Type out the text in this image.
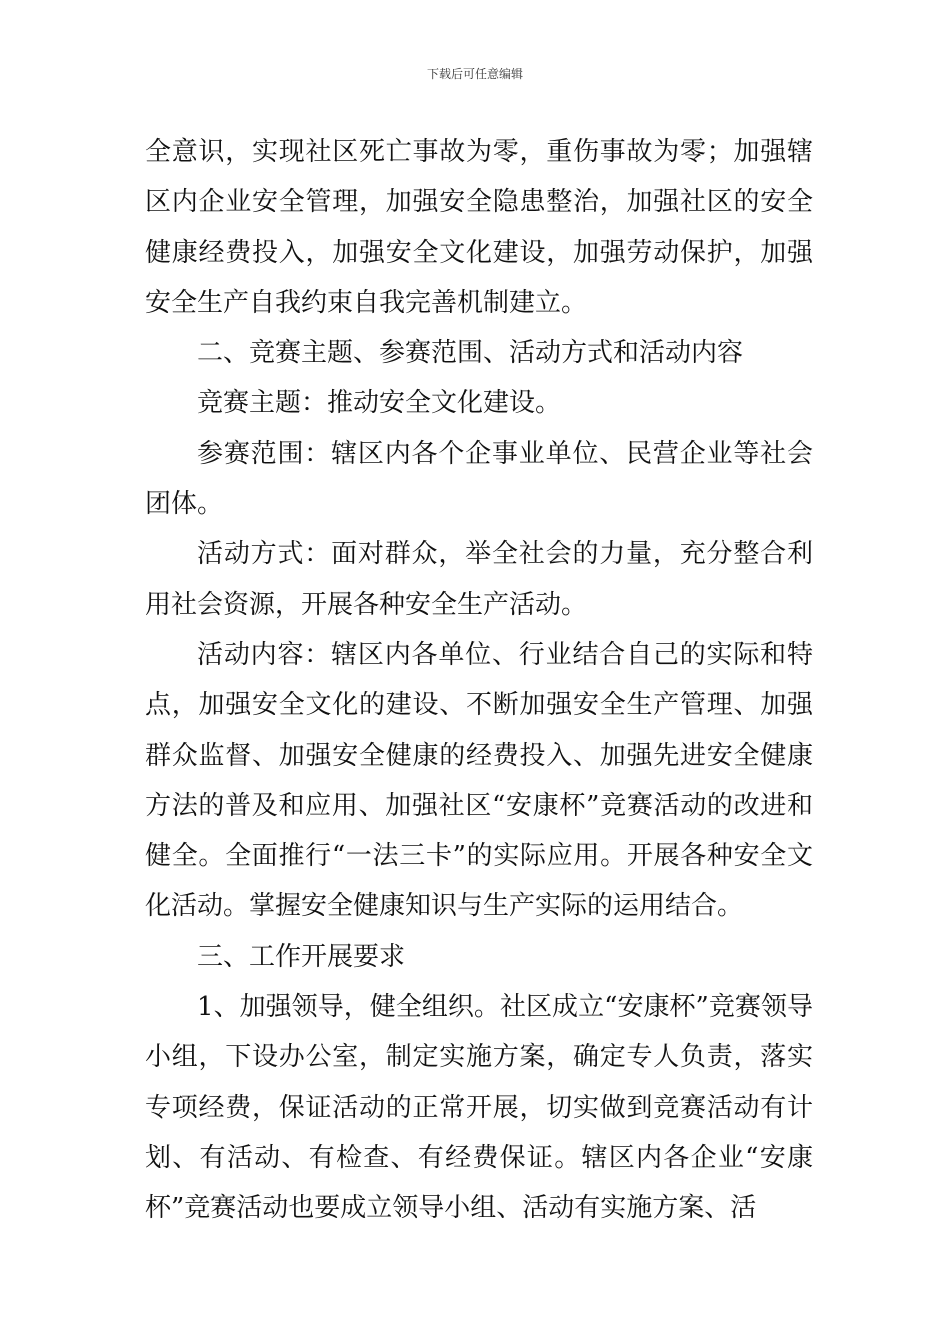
下载后可任意编辑

全意识，实现社区死亡事故为零，重伤事故为零；加强辖区内企业安全管理，加强安全隐患整治，加强社区的安全健康经费投入，加强安全文化建设，加强劳动保护，加强安全生产自我约束自我完善机制建立。

二、竞赛主题、参赛范围、活动方式和活动内容

竞赛主题：推动安全文化建设。

参赛范围：辖区内各个企事业单位、民营企业等社会团体。

活动方式：面对群众，举全社会的力量，充分整合利用社会资源，开展各种安全生产活动。

活动内容：辖区内各单位、行业结合自己的实际和特点，加强安全文化的建设、不断加强安全生产管理、加强群众监督、加强安全健康的经费投入、加强先进安全健康方法的普及和应用、加强社区“安康杯”竞赛活动的改进和健全。全面推行“一法三卡”的实际应用。开展各种安全文化活动。掌握安全健康知识与生产实际的运用结合。

三、工作开展要求

1、加强领导，健全组织。社区成立“安康杯”竞赛领导小组，下设办公室，制定实施方案，确定专人负责，落实专项经费，保证活动的正常开展，切实做到竞赛活动有计划、有活动、有检查、有经费保证。辖区内各企业“安康杯”竞赛活动也要成立领导小组、活动有实施方案、活
